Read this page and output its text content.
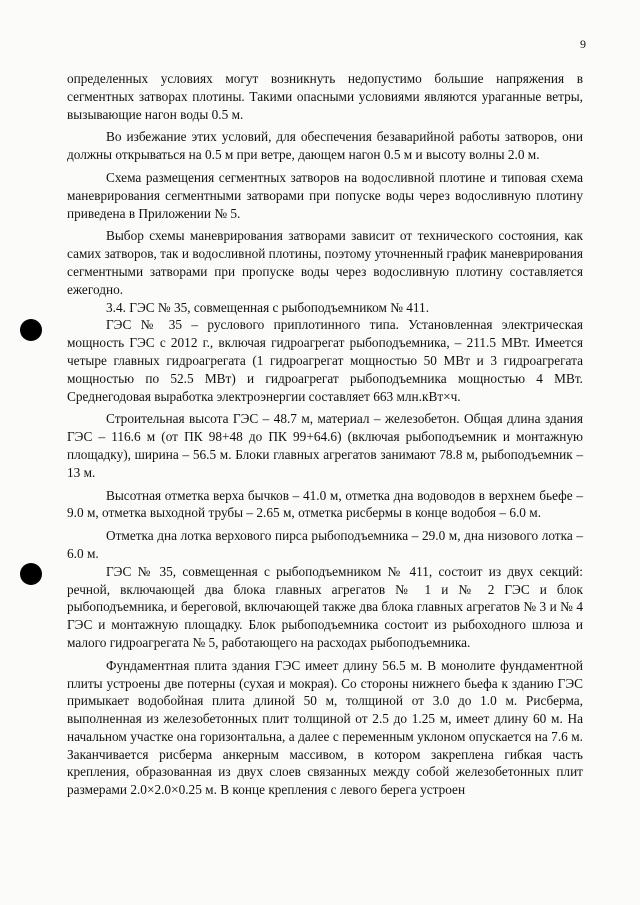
9

определенных условиях могут возникнуть недопустимо большие напряжения в сегментных затворах плотины. Такими опасными условиями являются ураганные ветры, вызывающие нагон воды 0.5 м.

Во избежание этих условий, для обеспечения безаварийной работы затворов, они должны открываться на 0.5 м при ветре, дающем нагон 0.5 м и высоту волны 2.0 м.

Схема размещения сегментных затворов на водосливной плотине и типовая схема маневрирования сегментными затворами при попуске воды через водосливную плотину приведена в Приложении № 5.

Выбор схемы маневрирования затворами зависит от технического состояния, как самих затворов, так и водосливной плотины, поэтому уточненный график маневрирования сегментными затворами при пропуске воды через водосливную плотину составляется ежегодно.

3.4. ГЭС № 35, совмещенная с рыбоподъемником № 411.

ГЭС № 35 – руслового приплотинного типа. Установленная электрическая мощность ГЭС с 2012 г., включая гидроагрегат рыбоподъемника, – 211.5 МВт. Имеется четыре главных гидроагрегата (1 гидроагрегат мощностью 50 МВт и 3 гидроагрегата мощностью по 52.5 МВт) и гидроагрегат рыбоподъемника мощностью 4 МВт. Среднегодовая выработка электроэнергии составляет 663 млн.кВт×ч.

Строительная высота ГЭС – 48.7 м, материал – железобетон. Общая длина здания ГЭС – 116.6 м (от ПК 98+48 до ПК 99+64.6) (включая рыбоподъемник и монтажную площадку), ширина – 56.5 м. Блоки главных агрегатов занимают 78.8 м, рыбоподъемник – 13 м.

Высотная отметка верха бычков – 41.0 м, отметка дна водоводов в верхнем бьефе – 9.0 м, отметка выходной трубы – 2.65 м, отметка рисбермы в конце водобоя – 6.0 м.

Отметка дна лотка верхового пирса рыбоподъемника – 29.0 м, дна низового лотка – 6.0 м.

ГЭС № 35, совмещенная с рыбоподъемником № 411, состоит из двух секций: речной, включающей два блока главных агрегатов № 1 и № 2 ГЭС и блок рыбоподъемника, и береговой, включающей также два блока главных агрегатов № 3 и № 4 ГЭС и монтажную площадку. Блок рыбоподъемника состоит из рыбоходного шлюза и малого гидроагрегата № 5, работающего на расходах рыбоподъемника.

Фундаментная плита здания ГЭС имеет длину 56.5 м. В монолите фундаментной плиты устроены две потерны (сухая и мокрая). Со стороны нижнего бьефа к зданию ГЭС примыкает водобойная плита длиной 50 м, толщиной от 3.0 до 1.0 м. Рисберма, выполненная из железобетонных плит толщиной от 2.5 до 1.25 м, имеет длину 60 м. На начальном участке она горизонтальна, а далее с переменным уклоном опускается на 7.6 м. Заканчивается рисберма анкерным массивом, в котором закреплена гибкая часть крепления, образованная из двух слоев связанных между собой железобетонных плит размерами 2.0×2.0×0.25 м. В конце крепления с левого берега устроен
